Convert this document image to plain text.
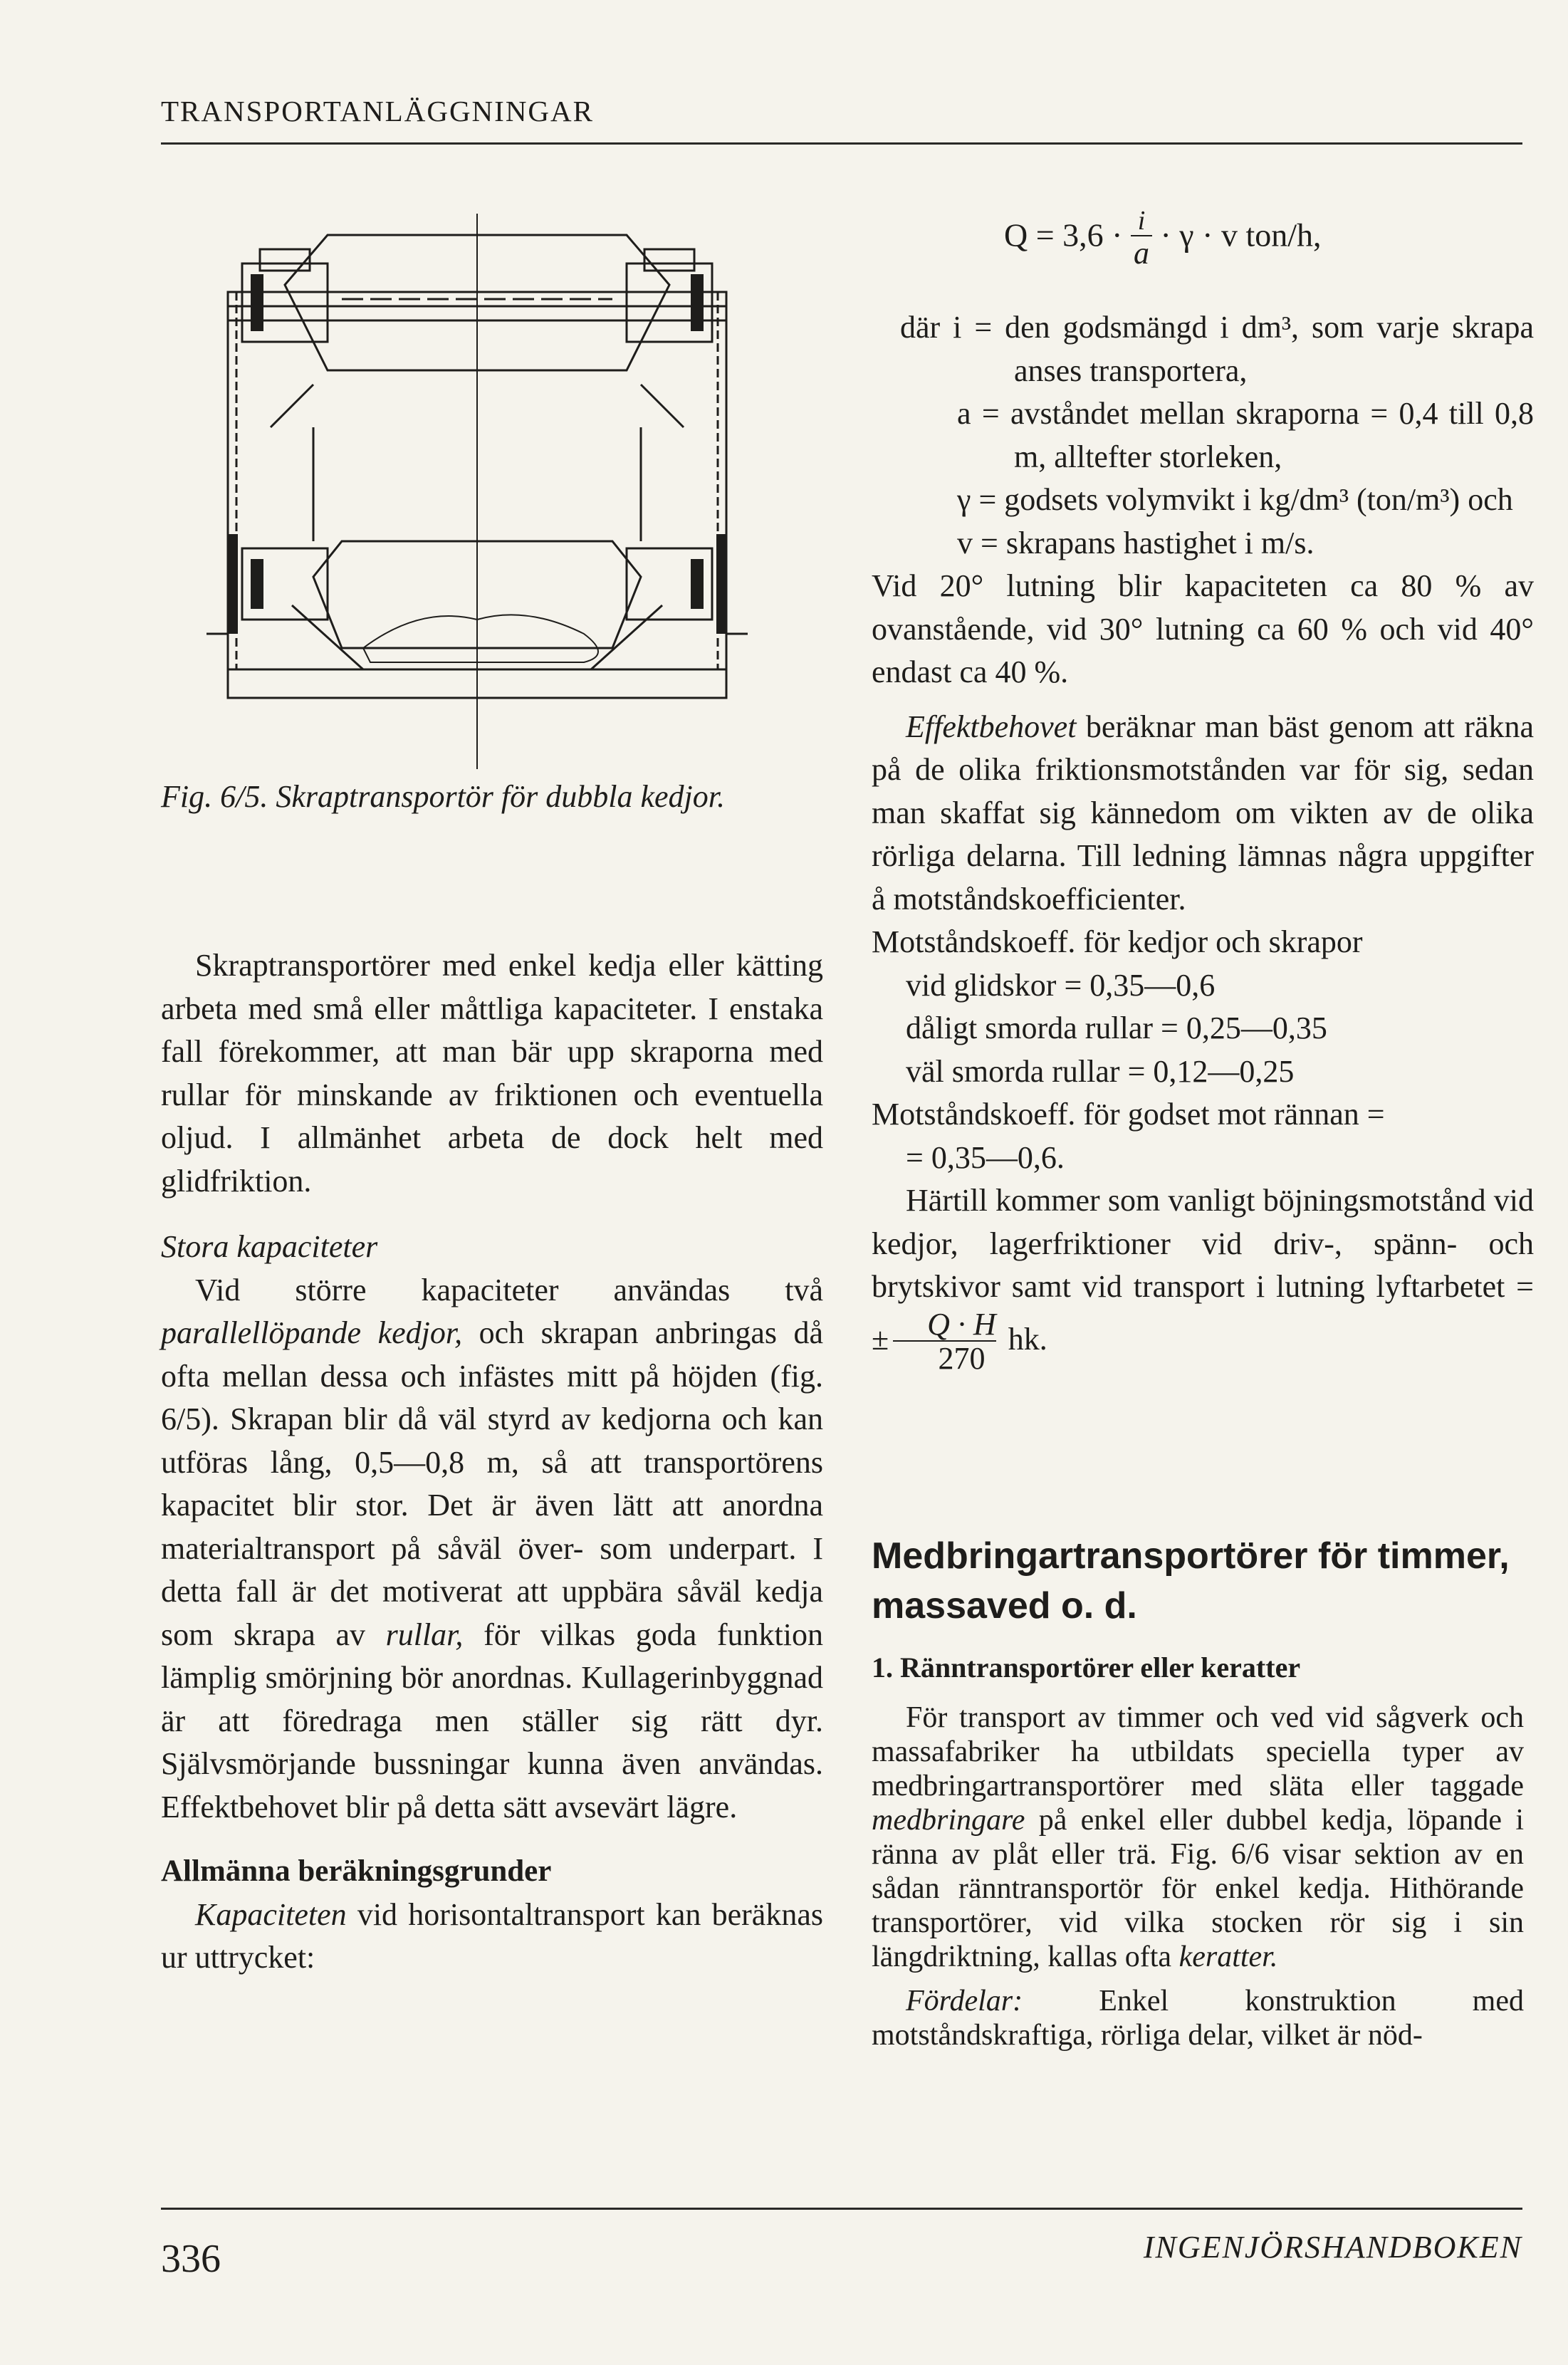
TRANSPORTANLÄGGNINGAR
Fig. 6/5. Skraptransportör för dubbla kedjor.

Skraptransportörer med enkel kedja eller kätting arbeta med små eller måttliga kapaciteter. I enstaka fall förekommer, att man bär upp skraporna med rullar för minskande av friktionen och eventuella oljud. I allmänhet arbeta de dock helt med glidfriktion.

Stora kapaciteter

Vid större kapaciteter användas två parallellöpande kedjor, och skrapan anbringas då ofta mellan dessa och infästes mitt på höjden (fig. 6/5). Skrapan blir då väl styrd av kedjorna och kan utföras lång, 0,5—0,8 m, så att transportörens kapacitet blir stor. Det är även lätt att anordna materialtransport på såväl över- som underpart. I detta fall är det motiverat att uppbära såväl kedja som skrapa av rullar, för vilkas goda funktion lämplig smörjning bör anordnas. Kullagerinbyggnad är att föredraga men ställer sig rätt dyr. Självsmörjande bussningar kunna även användas. Effektbehovet blir på detta sätt avsevärt lägre.

Allmänna beräkningsgrunder

Kapaciteten vid horisontaltransport kan beräknas ur uttrycket:

$Q = 3,6 \cdot \frac{i}{a} \cdot \gamma \cdot v$ ton/h,

där i = den godsmängd i dm³, som varje skrapa anses transportera,

a = avståndet mellan skraporna = 0,4 till 0,8 m, alltefter storleken,

γ = godsets volymvikt i kg/dm³ (ton/m³) och

v = skrapans hastighet i m/s.

Vid 20° lutning blir kapaciteten ca 80 % av ovanstående, vid 30° lutning ca 60 % och vid 40° endast ca 40 %.

Effektbehovet beräknar man bäst genom att räkna på de olika friktionsmotstånden var för sig, sedan man skaffat sig kännedom om vikten av de olika rörliga delarna. Till ledning lämnas några uppgifter å motståndskoefficienter.

Motståndskoeff. för kedjor och skrapor

vid glidskor = 0,35—0,6

dåligt smorda rullar = 0,25—0,35

väl smorda rullar = 0,12—0,25

Motståndskoeff. för godset mot rännan =

= 0,35—0,6.

Härtill kommer som vanligt böjningsmotstånd vid kedjor, lagerfriktioner vid driv-, spänn- och brytskivor samt vid transport i lutning lyftarbetet = ± $\frac{Q \cdot H}{270}$ hk.

Medbringartransportörer för timmer, massaved o. d.
1. Ränntransportörer eller keratter

För transport av timmer och ved vid sågverk och massafabriker ha utbildats speciella typer av medbringartransportörer med släta eller taggade medbringare på enkel eller dubbel kedja, löpande i ränna av plåt eller trä. Fig. 6/6 visar sektion av en sådan ränntransportör för enkel kedja. Hithörande transportörer, vid vilka stocken rör sig i sin längdriktning, kallas ofta keratter.

Fördelar: Enkel konstruktion med motståndskraftiga, rörliga delar, vilket är nöd-

336	INGENJÖRSHANDBOKEN
